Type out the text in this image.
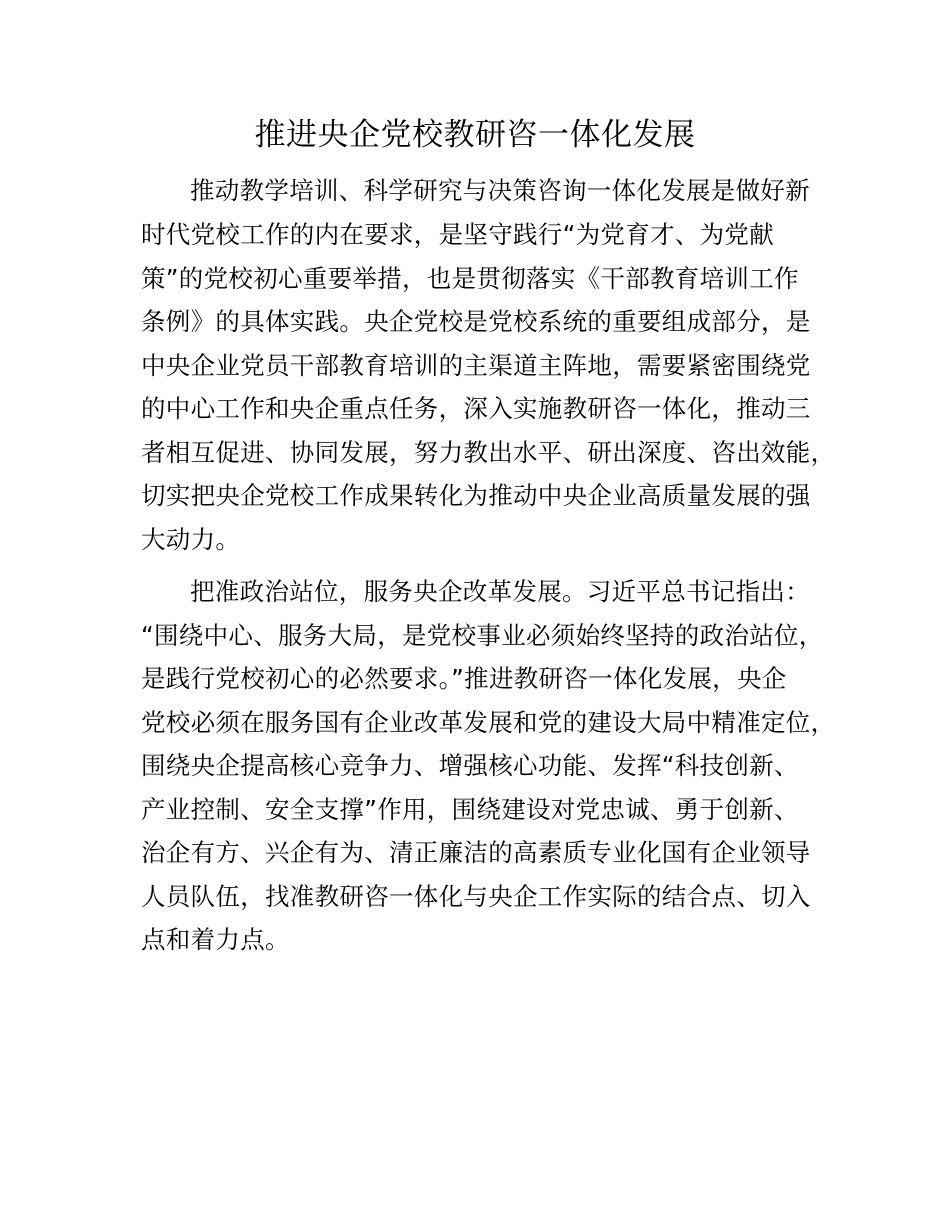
推进央企党校教研咨一体化发展
推动教学培训、科学研究与决策咨询一体化发展是做好新
时代党校工作的内在要求，是坚守践行“为党育才、为党献
策”的党校初心重要举措，也是贯彻落实《干部教育培训工作
条例》的具体实践。央企党校是党校系统的重要组成部分，是
中央企业党员干部教育培训的主渠道主阵地，需要紧密围绕党
的中心工作和央企重点任务，深入实施教研咨一体化，推动三
者相互促进、协同发展，努力教出水平、研出深度、咨出效能，
切实把央企党校工作成果转化为推动中央企业高质量发展的强
大动力。
把准政治站位，服务央企改革发展。习近平总书记指出：
“围绕中心、服务大局，是党校事业必须始终坚持的政治站位，
是践行党校初心的必然要求。”推进教研咨一体化发展，央企
党校必须在服务国有企业改革发展和党的建设大局中精准定位，
围绕央企提高核心竞争力、增强核心功能、发挥“科技创新、
产业控制、安全支撑”作用，围绕建设对党忠诚、勇于创新、
治企有方、兴企有为、清正廉洁的高素质专业化国有企业领导
人员队伍，找准教研咨一体化与央企工作实际的结合点、切入
点和着力点。
